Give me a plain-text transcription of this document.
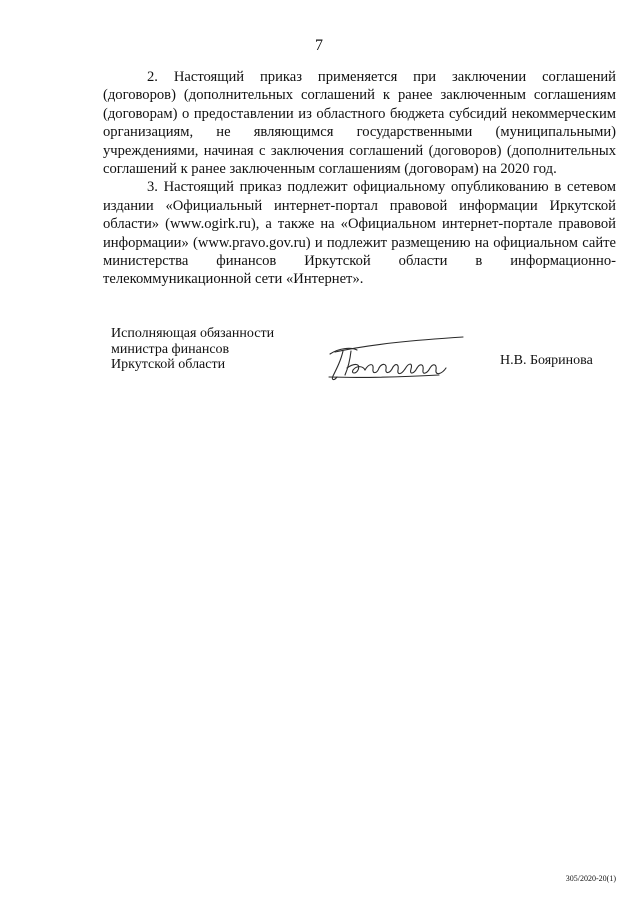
7

2. Настоящий приказ применяется при заключении соглашений (договоров) (дополнительных соглашений к ранее заключенным соглашениям (договорам) о предоставлении из областного бюджета субсидий некоммерческим организациям, не являющимся государственными (муниципальными) учреждениями, начиная с заключения соглашений (договоров) (дополнительных соглашений к ранее заключенным соглашениям (договорам) на 2020 год.

3. Настоящий приказ подлежит официальному опубликованию в сетевом издании «Официальный интернет-портал правовой информации Иркутской области» (www.ogirk.ru), а также на «Официальном интернет-портале правовой информации» (www.pravo.gov.ru) и подлежит размещению на официальном сайте министерства финансов Иркутской области в информационно-телекоммуникационной сети «Интернет».

Исполняющая обязанности
министра финансов
Иркутской области	Н.В. Бояринова
305/2020-20(1)
